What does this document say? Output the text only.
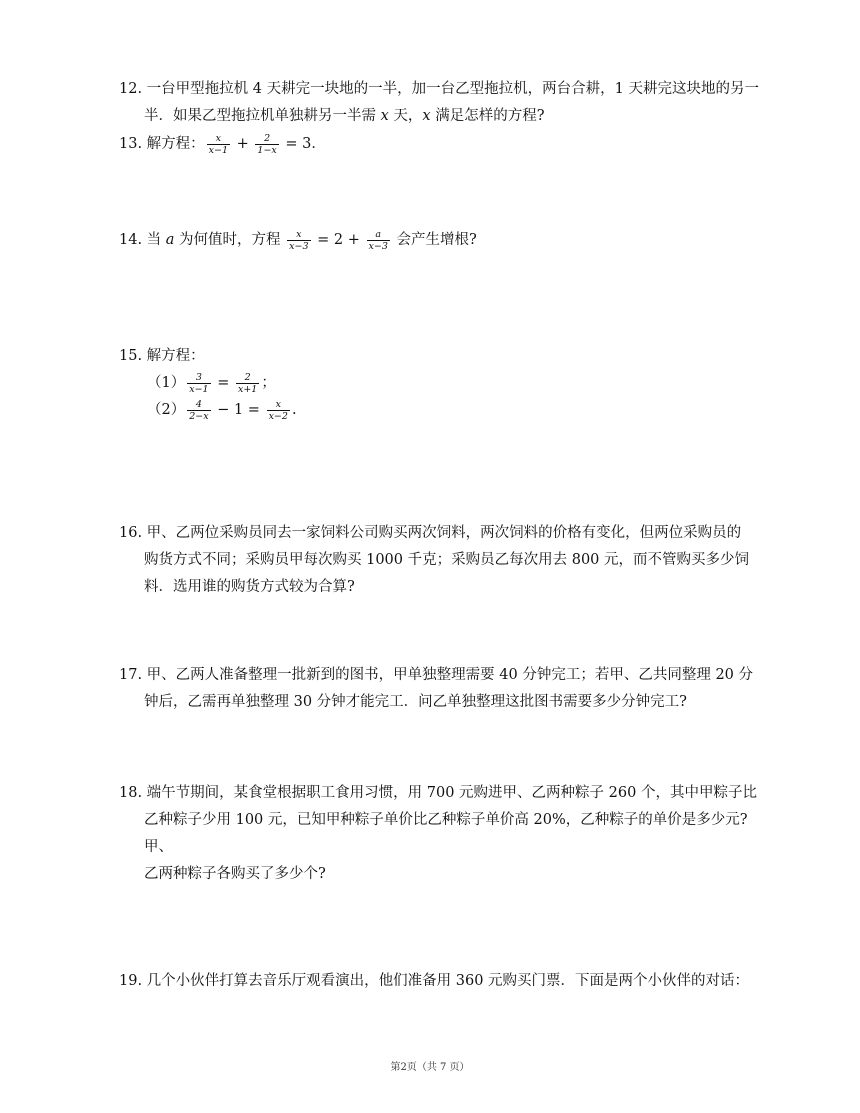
12. 一台甲型拖拉机 4 天耕完一块地的一半，加一台乙型拖拉机，两台合耕，1 天耕完这块地的另一

半．如果乙型拖拉机单独耕另一半需 x 天，x 满足怎样的方程?

13. 解方程： $\frac{x}{x-1} + \frac{2}{1-x} = 3$．

14. 当 a 为何值时，方程 $\frac{x}{x-3} = 2 + \frac{a}{x-3}$ 会产生增根?

15. 解方程：

$(1) \frac{3}{x-1} = \frac{2}{x+1}$ ；

$(2) \frac{4}{2-x} - 1 = \frac{x}{x-2}$ .

16. 甲、乙两位采购员同去一家饲料公司购买两次饲料，两次饲料的价格有变化，但两位采购员的

购货方式不同；采购员甲每次购买 1000 千克；采购员乙每次用去 800 元，而不管购买多少饲

料．选用谁的购货方式较为合算?

17. 甲、乙两人准备整理一批新到的图书，甲单独整理需要 40 分钟完工；若甲、乙共同整理 20 分

钟后，乙需再单独整理 30 分钟才能完工．问乙单独整理这批图书需要多少分钟完工?

18. 端午节期间，某食堂根据职工食用习惯，用 700 元购进甲、乙两种粽子 260 个，其中甲粽子比

乙种粽子少用 100 元，已知甲种粽子单价比乙种粽子单价高 20%，乙种粽子的单价是多少元?甲、

乙两种粽子各购买了多少个?

19. 几个小伙伴打算去音乐厅观看演出，他们准备用 360 元购买门票．下面是两个小伙伴的对话：

第2页（共 7 页）
